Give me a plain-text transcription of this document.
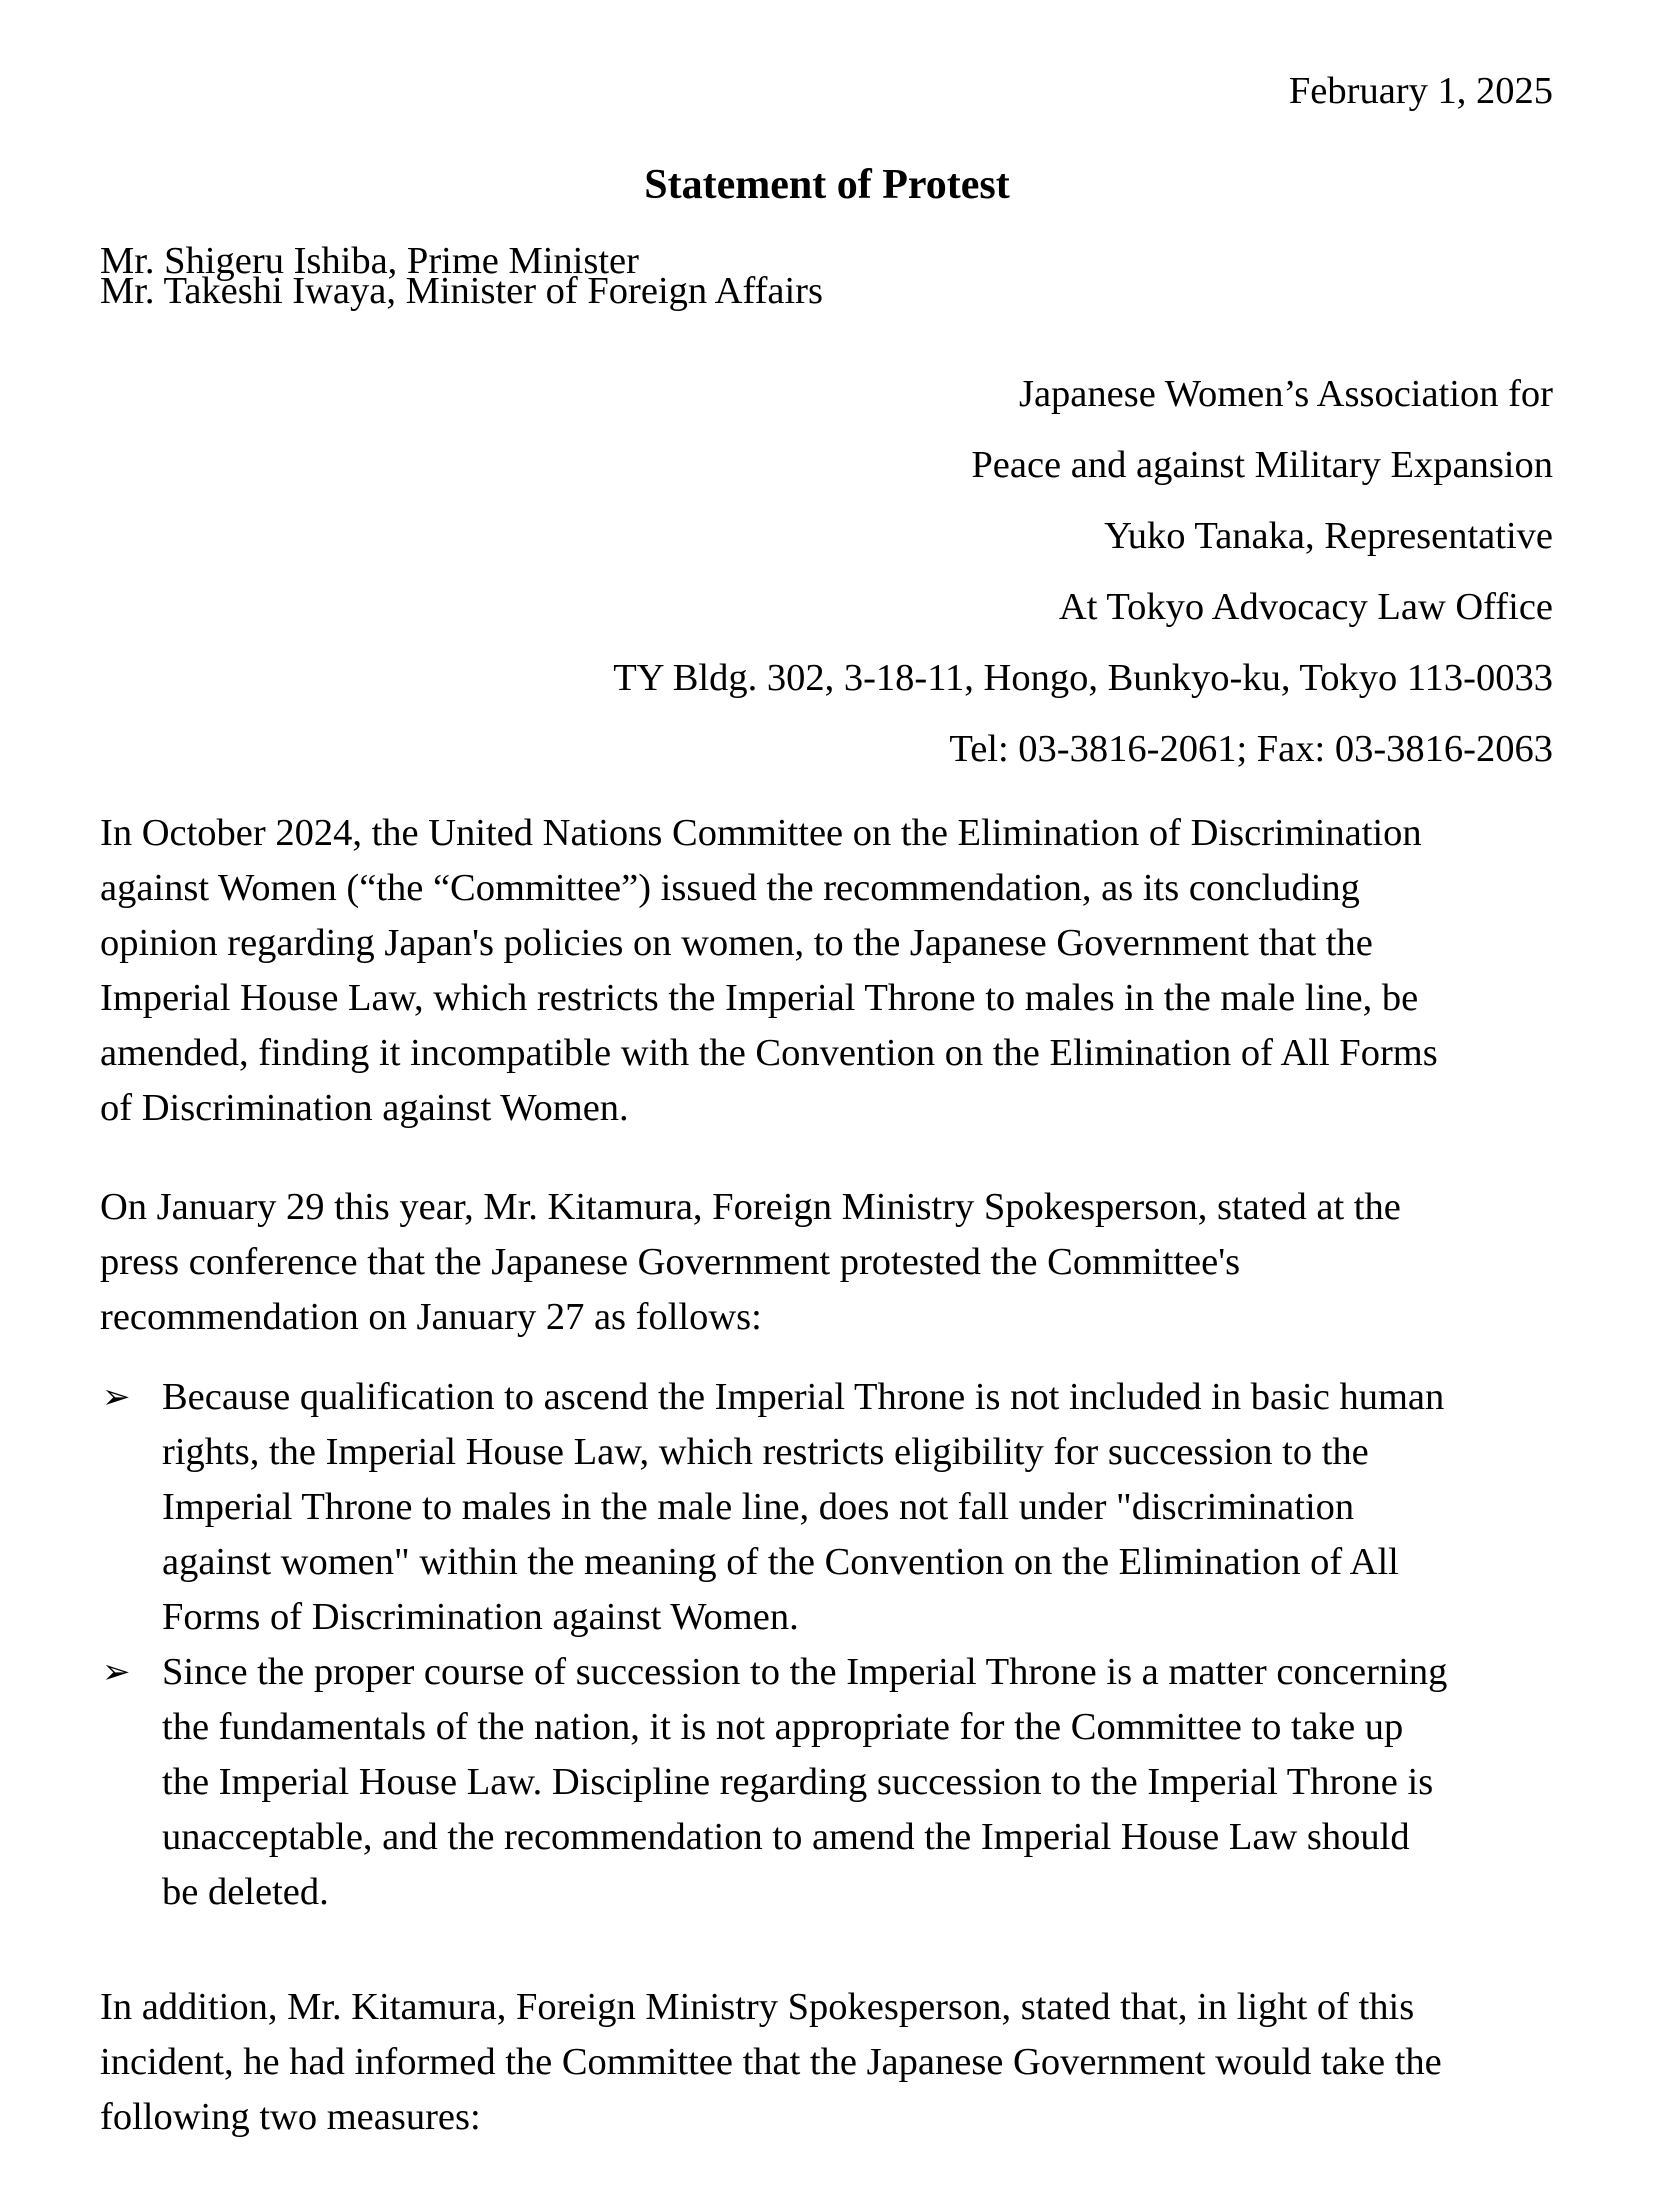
February 1, 2025
Statement of Protest
Mr. Shigeru Ishiba, Prime Minister
Mr. Takeshi Iwaya, Minister of Foreign Affairs
Japanese Women’s Association for
Peace and against Military Expansion
Yuko Tanaka, Representative
At Tokyo Advocacy Law Office
TY Bldg. 302, 3-18-11, Hongo, Bunkyo-ku, Tokyo 113-0033
Tel: 03-3816-2061; Fax: 03-3816-2063
In October 2024, the United Nations Committee on the Elimination of Discrimination
against Women (“the “Committee”) issued the recommendation, as its concluding
opinion regarding Japan's policies on women, to the Japanese Government that the
Imperial House Law, which restricts the Imperial Throne to males in the male line, be
amended, finding it incompatible with the Convention on the Elimination of All Forms
of Discrimination against Women.
On January 29 this year, Mr. Kitamura, Foreign Ministry Spokesperson, stated at the
press conference that the Japanese Government protested the Committee's
recommendation on January 27 as follows:
➢ Because qualification to ascend the Imperial Throne is not included in basic human
rights, the Imperial House Law, which restricts eligibility for succession to the
Imperial Throne to males in the male line, does not fall under "discrimination
against women" within the meaning of the Convention on the Elimination of All
Forms of Discrimination against Women.
➢ Since the proper course of succession to the Imperial Throne is a matter concerning
the fundamentals of the nation, it is not appropriate for the Committee to take up
the Imperial House Law. Discipline regarding succession to the Imperial Throne is
unacceptable, and the recommendation to amend the Imperial House Law should
be deleted.
In addition, Mr. Kitamura, Foreign Ministry Spokesperson, stated that, in light of this
incident, he had informed the Committee that the Japanese Government would take the
following two measures:
